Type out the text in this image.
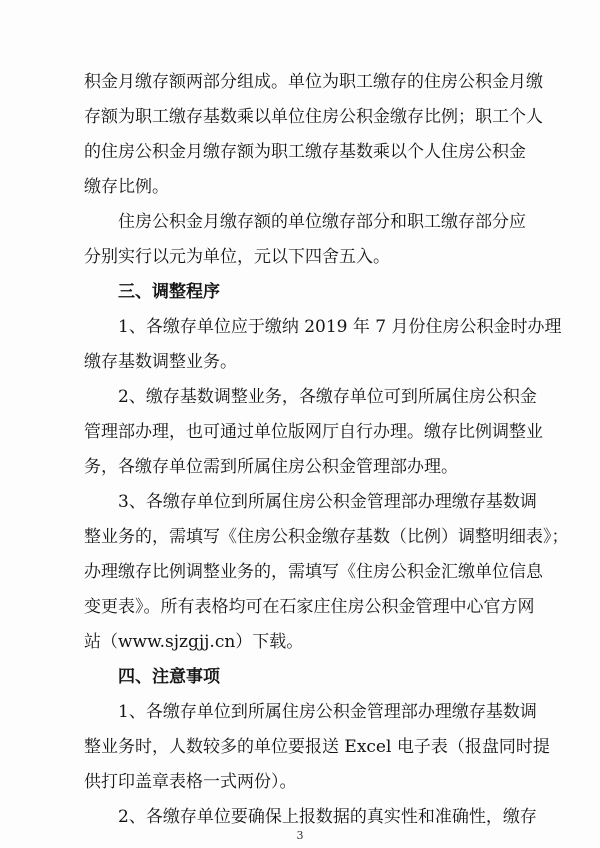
积金月缴存额两部分组成。单位为职工缴存的住房公积金月缴
存额为职工缴存基数乘以单位住房公积金缴存比例；职工个人
的住房公积金月缴存额为职工缴存基数乘以个人住房公积金
缴存比例。
住房公积金月缴存额的单位缴存部分和职工缴存部分应
分别实行以元为单位，元以下四舍五入。
三、调整程序
1、各缴存单位应于缴纳 2019 年 7 月份住房公积金时办理
缴存基数调整业务。
2、缴存基数调整业务，各缴存单位可到所属住房公积金
管理部办理，也可通过单位版网厅自行办理。缴存比例调整业
务，各缴存单位需到所属住房公积金管理部办理。
3、各缴存单位到所属住房公积金管理部办理缴存基数调
整业务的，需填写《住房公积金缴存基数（比例）调整明细表》；
办理缴存比例调整业务的，需填写《住房公积金汇缴单位信息
变更表》。所有表格均可在石家庄住房公积金管理中心官方网
站（www.sjzgjj.cn）下载。
四、注意事项
1、各缴存单位到所属住房公积金管理部办理缴存基数调
整业务时，人数较多的单位要报送 Excel 电子表（报盘同时提
供打印盖章表格一式两份）。
2、各缴存单位要确保上报数据的真实性和准确性，缴存
3
